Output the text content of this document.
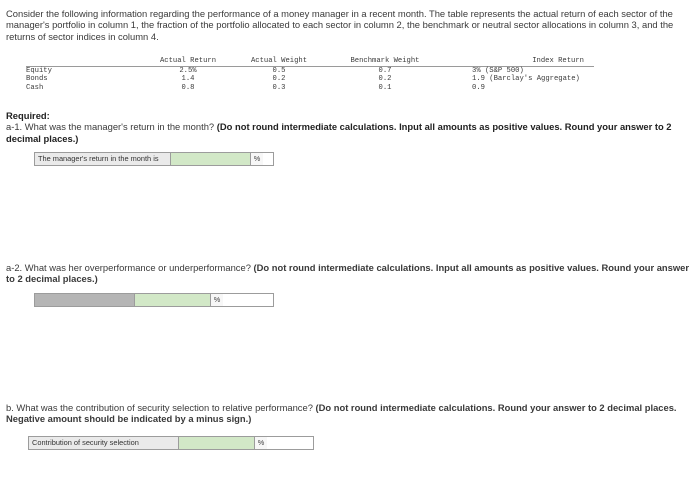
Consider the following information regarding the performance of a money manager in a recent month. The table represents the actual return of each sector of the manager's portfolio in column 1, the fraction of the portfolio allocated to each sector in column 2, the benchmark or neutral sector allocations in column 3, and the returns of sector indices in column 4.

	Actual Return	Actual Weight	Benchmark Weight	Index Return
Equity	2.5%	0.5	0.7	3% (S&P 500)
Bonds	1.4	0.2	0.2	1.9 (Barclay's Aggregate)
Cash	0.8	0.3	0.1	0.9
Required:
a-1. What was the manager's return in the month? (Do not round intermediate calculations. Input all amounts as positive values. Round your answer to 2 decimal places.)
The manager's return in the month is	%
a-2. What was her overperformance or underperformance? (Do not round intermediate calculations. Input all amounts as positive values. Round your answer to 2 decimal places.)
%
b. What was the contribution of security selection to relative performance? (Do not round intermediate calculations. Round your answer to 2 decimal places. Negative amount should be indicated by a minus sign.)
Contribution of security selection	%
